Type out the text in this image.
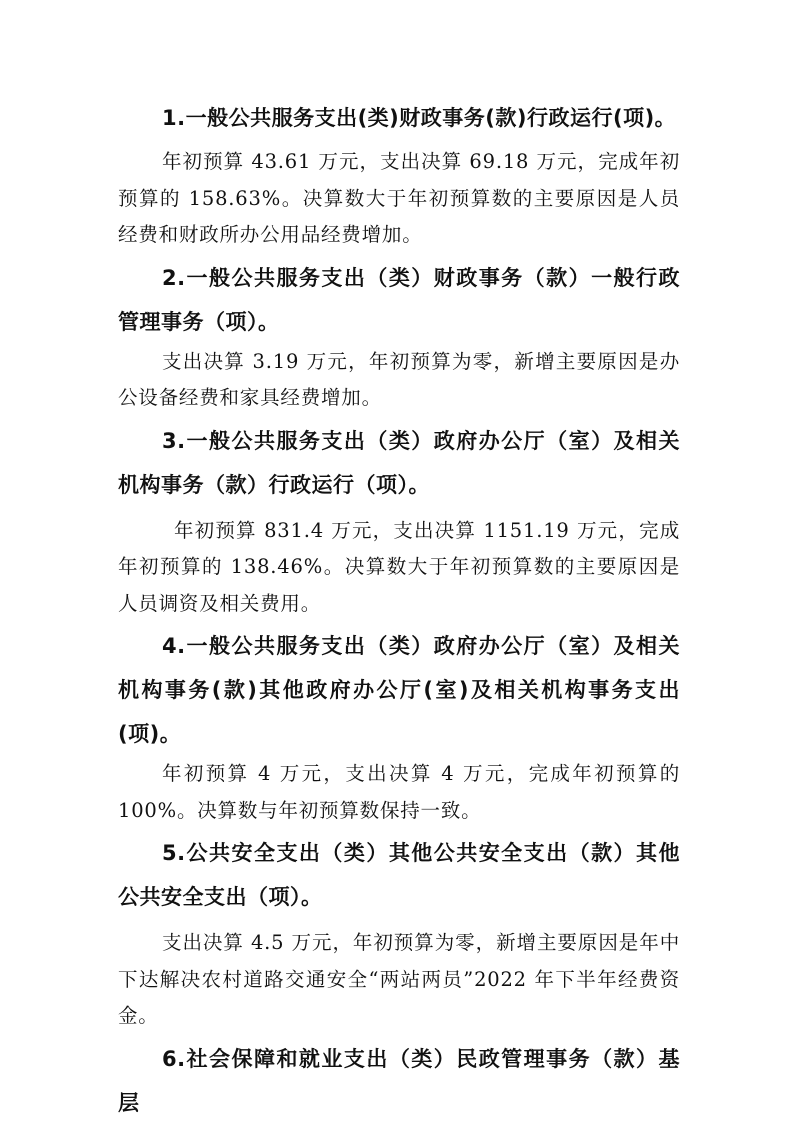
1.一般公共服务支出(类)财政事务(款)行政运行(项)。

年初预算 43.61 万元，支出决算 69.18 万元，完成年初预算的 158.63%。决算数大于年初预算数的主要原因是人员经费和财政所办公用品经费增加。

2.一般公共服务支出（类）财政事务（款）一般行政管理事务（项）。

支出决算 3.19 万元，年初预算为零，新增主要原因是办公设备经费和家具经费增加。

3.一般公共服务支出（类）政府办公厅（室）及相关机构事务（款）行政运行（项）。

年初预算 831.4 万元，支出决算 1151.19 万元，完成年初预算的 138.46%。决算数大于年初预算数的主要原因是人员调资及相关费用。

4.一般公共服务支出（类）政府办公厅（室）及相关机构事务(款)其他政府办公厅(室)及相关机构事务支出(项)。

年初预算 4 万元，支出决算 4 万元，完成年初预算的100%。决算数与年初预算数保持一致。

5.公共安全支出（类）其他公共安全支出（款）其他公共安全支出（项）。

支出决算 4.5 万元，年初预算为零，新增主要原因是年中下达解决农村道路交通安全“两站两员”2022 年下半年经费资金。

6.社会保障和就业支出（类）民政管理事务（款）基层
